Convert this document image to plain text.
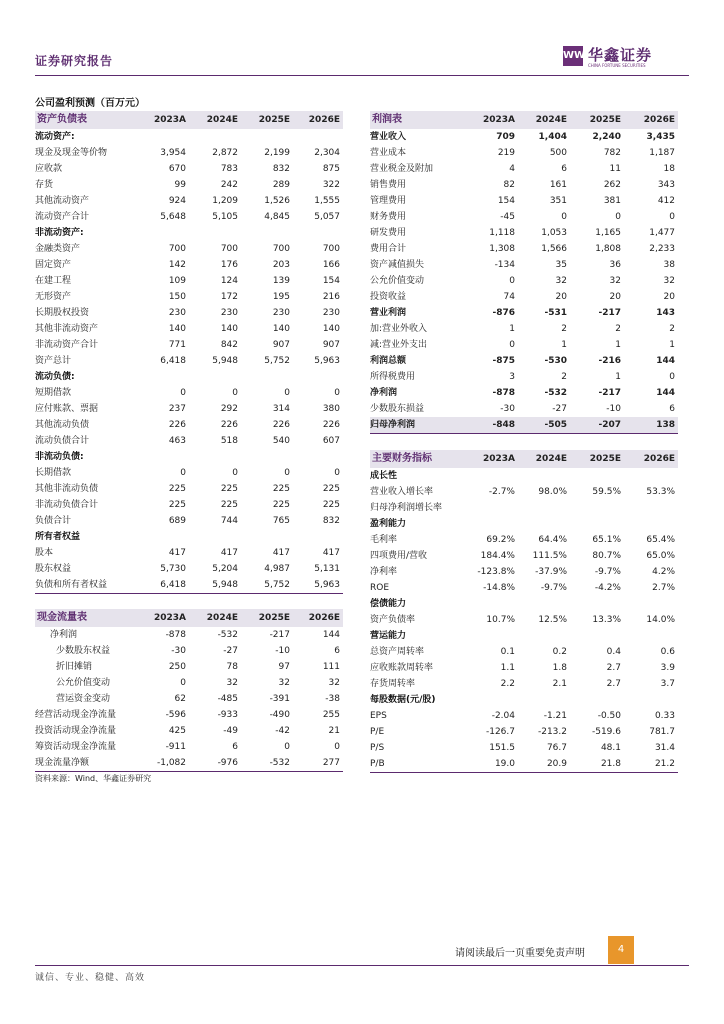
证券研究报告	WW 华鑫证券
CHINA FORTUNE SECURITIES
公司盈利预测（百万元）
资产负债表	2023A 2024E 2025E 2026E
流动资产:
现金及现金等价物	3,954	2,872	2,199	2,304
应收款	670	783	832	875
存货	99	242	289	322
其他流动资产	924	1,209	1,526	1,555
流动资产合计	5,648	5,105	4,845	5,057
非流动资产:
金融类资产	700	700	700	700
固定资产	142	176	203	166
在建工程	109	124	139	154
无形资产	150	172	195	216
长期股权投资	230	230	230	230
其他非流动资产	140	140	140	140
非流动资产合计	771	842	907	907
资产总计	6,418	5,948	5,752	5,963
流动负债:
短期借款	0	0	0	0
应付账款、票据	237	292	314	380
其他流动负债	226	226	226	226
流动负债合计	463	518	540	607
非流动负债:
长期借款	0	0	0	0
其他非流动负债	225	225	225	225
非流动负债合计	225	225	225	225
负债合计	689	744	765	832
所有者权益
股本	417	417	417	417
股东权益	5,730	5,204	4,987	5,131
负债和所有者权益	6,418	5,948	5,752	5,963
利润表	2023A 2024E	2025E	2026E
营业收入	709	1,404	2,240	3,435
营业成本	219	500	782	1,187
营业税金及附加	4	6	11	18
销售费用	82	161	262	343
管理费用	154	351	381	412
财务费用	-45	0	0	0
研发费用	1,118	1,053	1,165	1,477
费用合计	1,308	1,566	1,808	2,233
资产减值损失	-134	35	36	38
公允价值变动	0	32	32	32
投资收益	74	20	20	20
营业利润	-876	-531	-217	143
加:营业外收入	1	2	2	2
减:营业外支出	0	1	1	1
利润总额	-875	-530	-216	144
所得税费用	3	2	1	0
净利润	-878	-532	-217	144
少数股东损益	-30	-27	-10	6
归母净利润	-848	-505	-207	138
现金流量表	2023A 2024E 2025E 2026E
净利润	-878	-532	-217	144
少数股东权益	-30	-27	-10	6
折旧摊销	250	78	97	111
公允价值变动	0	32	32	32
营运资金变动	62	-485	-391	-38
经营活动现金净流量	-596	-933	-490	255
投资活动现金净流量	425	-49	-42	21
筹资活动现金净流量	-911	6	0	0
现金流量净额	-1,082	-976	-532	277
主要财务指标	2023A 2024E	2025E	2026E
成长性
营业收入增长率	-2.7%	98.0%	59.5%	53.3%
归母净利润增长率
盈利能力
毛利率	69.2%	64.4%	65.1%	65.4%
四项费用/营收	184.4% 111.5%	80.7%	65.0%
净利率	-123.8% -37.9%	-9.7%	4.2%
ROE	-14.8%	-9.7%	-4.2%	2.7%
偿债能力
资产负债率	10.7%	12.5%	13.3%	14.0%
营运能力
总资产周转率	0.1	0.2	0.4	0.6
应收账款周转率	1.1	1.8	2.7	3.9
存货周转率	2.2	2.1	2.7	3.7
每股数据(元/股)
EPS	-2.04	-1.21	-0.50	0.33
P/E	-126.7	-213.2	-519.6	781.7
P/S	151.5	76.7	48.1	31.4
P/B	19.0	20.9	21.8	21.2
资料来源：Wind、华鑫证券研究
请阅读最后一页重要免责声明	4
诚信、专业、稳健、高效
